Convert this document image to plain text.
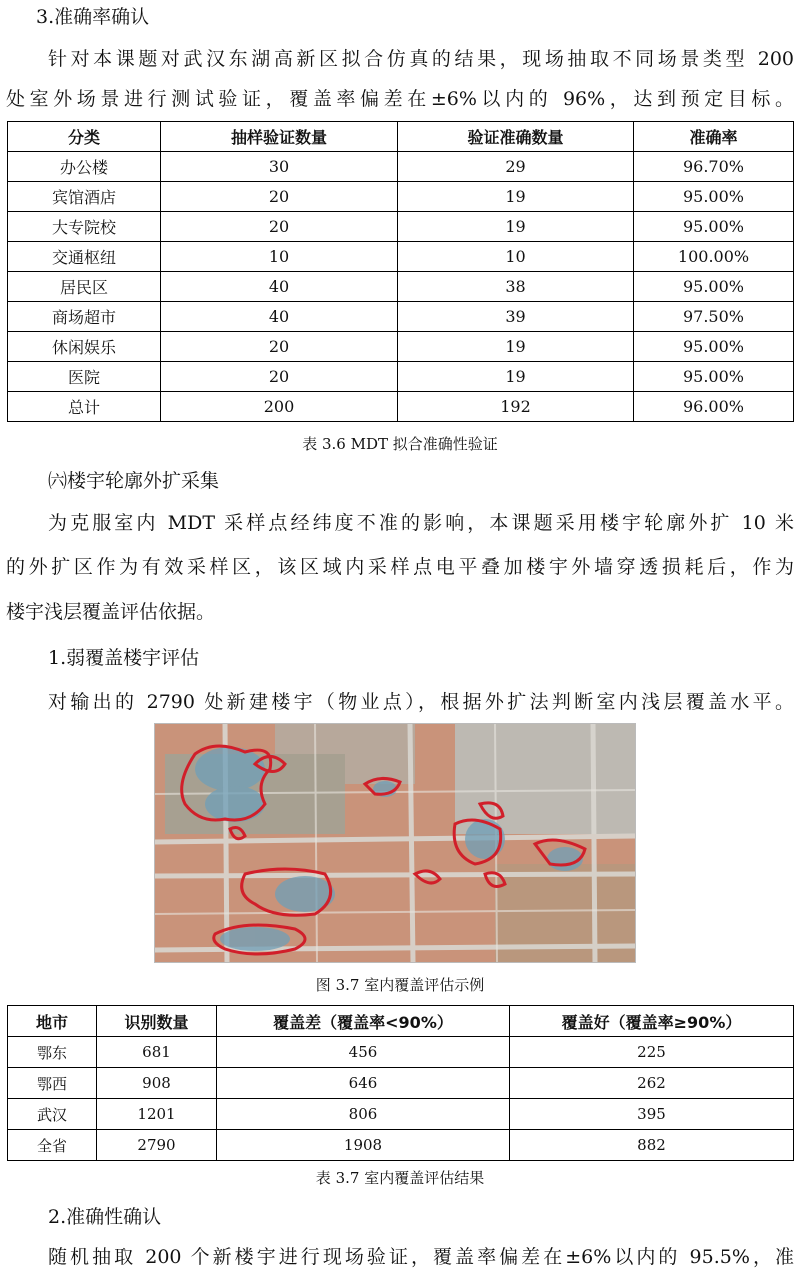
3.准确率确认
针对本课题对武汉东湖高新区拟合仿真的结果，现场抽取不同场景类型 200
处室外场景进行测试验证，覆盖率偏差在±6%以内的 96%，达到预定目标。
分类	抽样验证数量	验证准确数量	准确率
办公楼	30	29	96.70%
宾馆酒店	20	19	95.00%
大专院校	20	19	95.00%
交通枢纽	10	10	100.00%
居民区	40	38	95.00%
商场超市	40	39	97.50%
休闲娱乐	20	19	95.00%
医院	20	19	95.00%
总计	200	192	96.00%
表 3.6 MDT 拟合准确性验证
㈥楼宇轮廓外扩采集
为克服室内 MDT 采样点经纬度不准的影响，本课题采用楼宇轮廓外扩 10 米
的外扩区作为有效采样区，该区域内采样点电平叠加楼宇外墙穿透损耗后，作为
楼宇浅层覆盖评估依据。
1.弱覆盖楼宇评估
对输出的 2790 处新建楼宇（物业点），根据外扩法判断室内浅层覆盖水平。
图 3.7 室内覆盖评估示例
地市	识别数量	覆盖差（覆盖率<90%）	覆盖好（覆盖率≥90%）
鄂东	681	456	225
鄂西	908	646	262
武汉	1201	806	395
全省	2790	1908	882
表 3.7 室内覆盖评估结果
2.准确性确认
随机抽取 200 个新楼宇进行现场验证，覆盖率偏差在±6%以内的 95.5%，准
